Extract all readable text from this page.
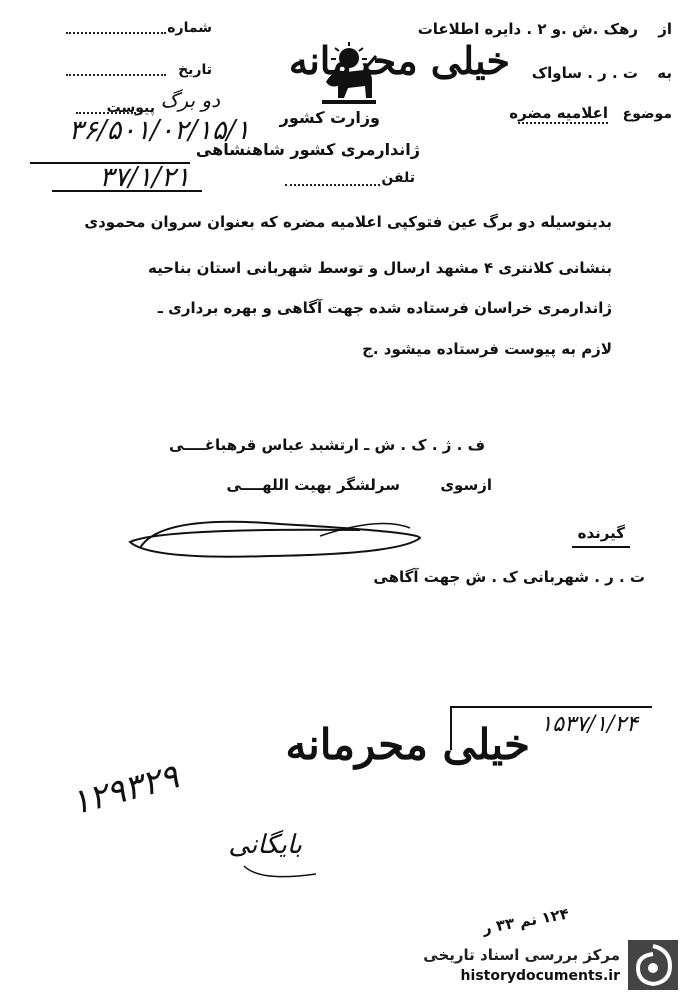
شماره
تاریخ
پیوست دو برگ
۳۶/۵۰۱/۰۲/۱۵/۱
۳۷/۱/۲۱
خیلی محرمانه
وزارت کشور
ژاندارمری کشور شاهنشاهی
تلفن
از
رهک .ش .و ۲ . دایره اطلاعات
به
ت . ر . ساواک
موضوع
اعلامیه مضره
بدینوسیله دو برگ عین فتوکپی اعلامیه مضره که بعنوان سروان محمودی
بنشانی کلانتری ۴ مشهد ارسال و توسط شهربانی استان بناحیه
ژاندارمری خراسان فرستاده شده جهت آگاهی و بهره برداری ـ
لازم به پیوست فرستاده میشود .ج
ف . ژ . ک . ش ـ ارتشبد عباس قرهباغــــی
ازسوی
سرلشگر بهیت اللهــــی
گیرنده
ت . ر . شهربانی ک . ش جهت آگاهی
۱۵۳۷/۱/۲۴
خیلی محرمانه
۱۲۹۳۲۹
بایگانی
۱۲۴ نم ۳۳ ر
مرکز بررسی اسناد تاریخی
historydocuments.ir
